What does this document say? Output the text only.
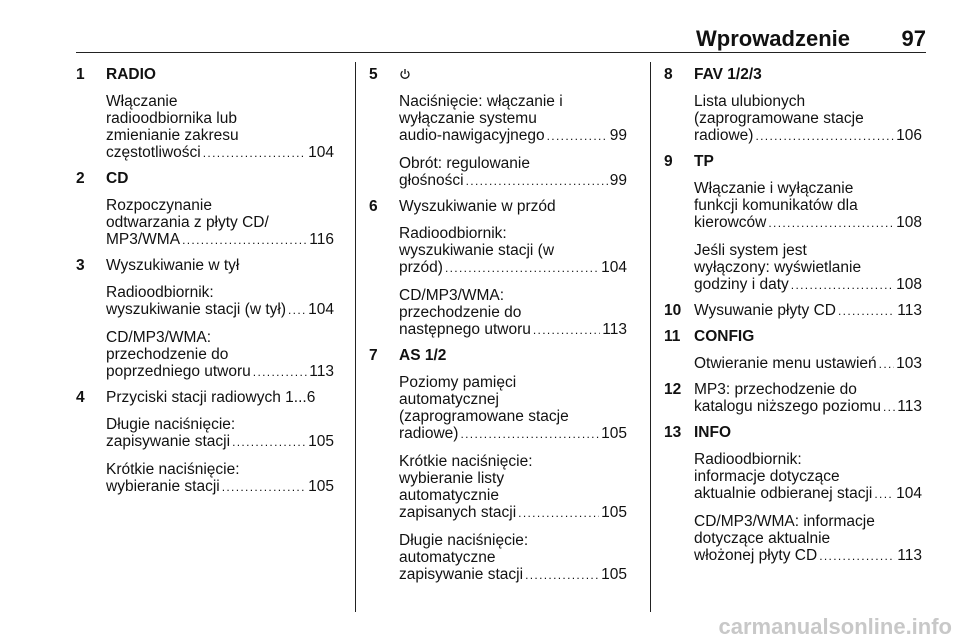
Wprowadzenie 97
1 RADIO
Włączanie
radioodbiornika lub
zmienianie zakresu
częstotliwości . . .	104
2 CD
Rozpoczynanie
odtwarzania z płyty CD/
MP3/WMA . . .	116
3 Wyszukiwanie w tył
Radioodbiornik:
wyszukiwanie stacji (w tył) . . . 104
CD/MP3/WMA:
przechodzenie do
poprzedniego utworu . . .	113
4 Przyciski stacji radiowych 1...6
Długie naciśnięcie:
zapisywanie stacji . . .	105
Krótkie naciśnięcie:
wybieranie stacji . . .	105
5
Naciśnięcie: włączanie i
wyłączanie systemu
audio-nawigacyjnego . . .	99
Obrót: regulowanie
głośności . . .	99
6 Wyszukiwanie w przód
Radioodbiornik:
wyszukiwanie stacji (w
przód) . . .	104
CD/MP3/WMA:
przechodzenie do
następnego utworu . . .	113
7 AS 1/2
Poziomy pamięci
automatycznej
(zaprogramowane stacje
radiowe) . . .	105
Krótkie naciśnięcie:
wybieranie listy
automatycznie
zapisanych stacji . . .	105
Długie naciśnięcie:
automatyczne
zapisywanie stacji . . .	105
8 FAV 1/2/3
Lista ulubionych
(zaprogramowane stacje
radiowe) . . .	106
9 TP
Włączanie i wyłączanie
funkcji komunikatów dla
kierowców . . .	108
Jeśli system jest
wyłączony: wyświetlanie
godziny i daty . . .	108
10 Wysuwanie płyty CD . . .	113
11 CONFIG
Otwieranie menu ustawień . . . 103
12 MP3: przechodzenie do
katalogu niższego poziomu . . . 113
13 INFO
Radioodbiornik:
informacje dotyczące
aktualnie odbieranej stacji . . . 104
CD/MP3/WMA: informacje
dotyczące aktualnie
włożonej płyty CD . . .	113
carmanualsonline.info
